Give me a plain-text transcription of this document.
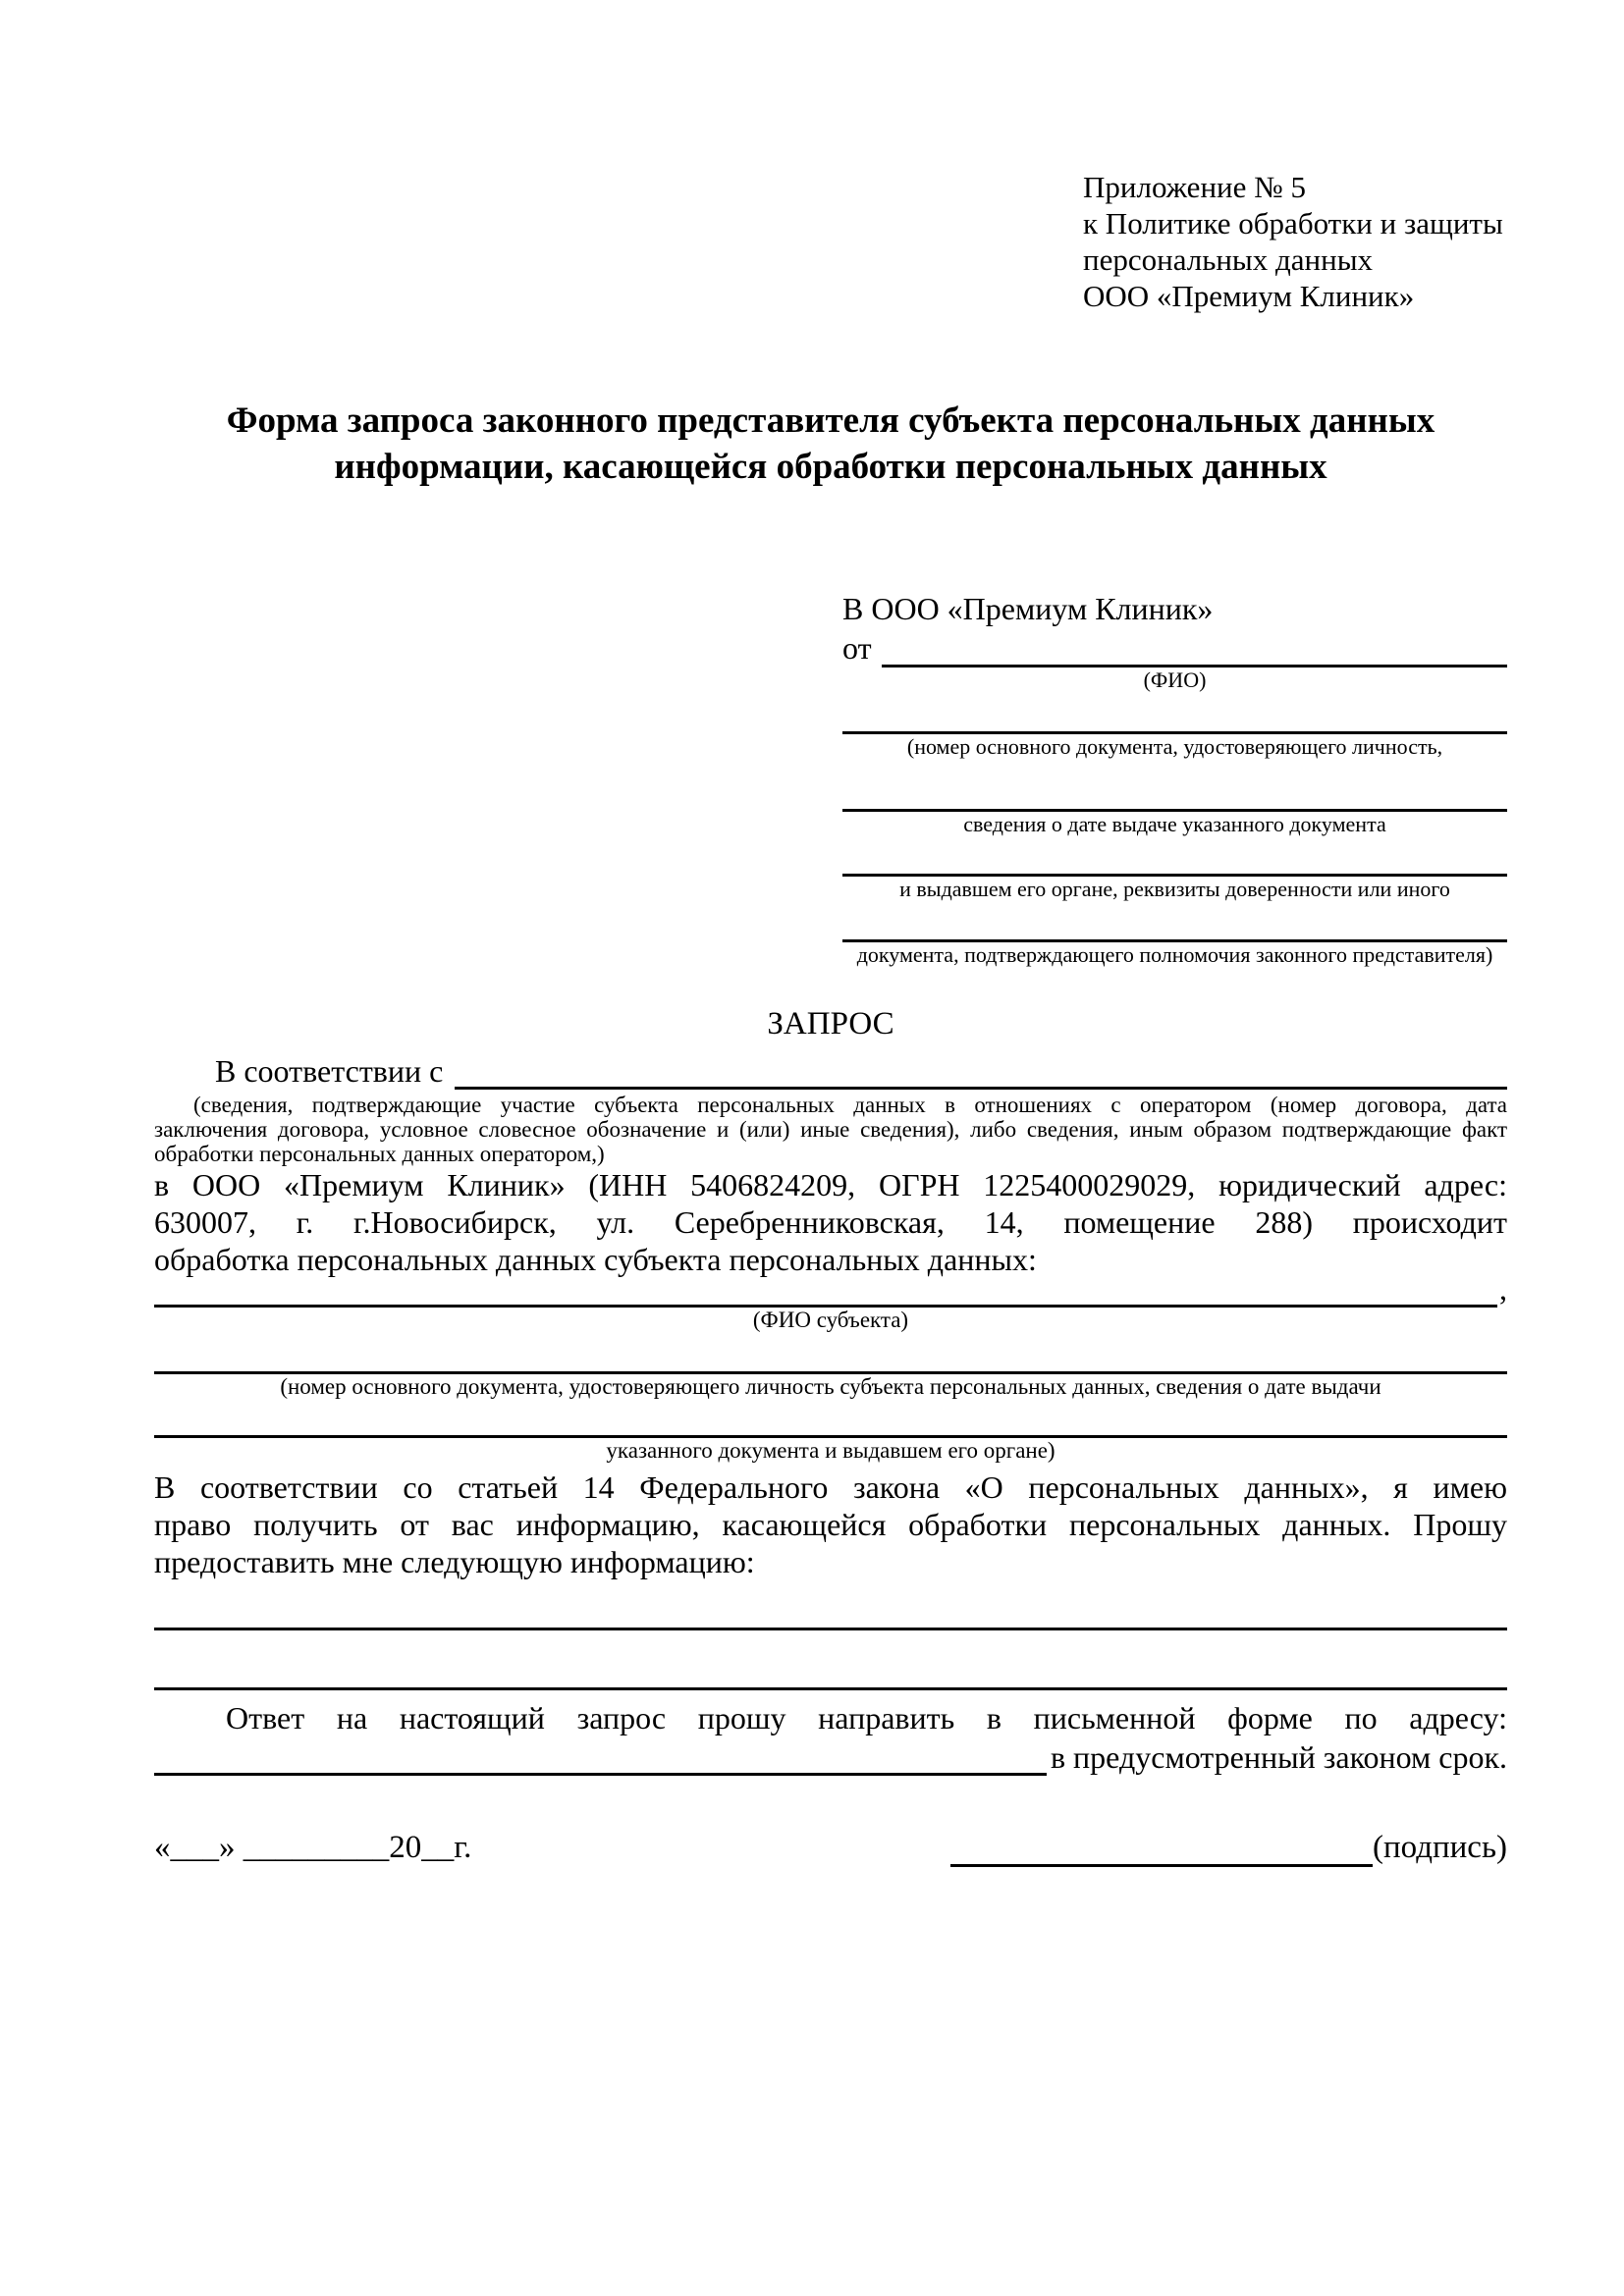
Приложение № 5
к Политике обработки и защиты
персональных данных
ООО «Премиум Клиник»
Форма запроса законного представителя субъекта персональных данных
информации, касающейся обработки персональных данных
В ООО «Премиум Клиник»
от
(ФИО)
(номер основного документа, удостоверяющего личность,
сведения о дате выдаче указанного документа
и выдавшем его органе, реквизиты доверенности или иного
документа, подтверждающего полномочия законного представителя)
ЗАПРОС
В соответствии с
(сведения, подтверждающие участие субъекта персональных данных в отношениях с оператором (номер договора, дата
заключения договора, условное словесное обозначение и (или) иные сведения), либо сведения, иным образом подтверждающие факт
обработки персональных данных оператором,)
в ООО «Премиум Клиник» (ИНН 5406824209, ОГРН 1225400029029, юридический адрес:
630007, г. г.Новосибирск, ул. Серебренниковская, 14, помещение 288) происходит
обработка персональных данных субъекта персональных данных:
,
(ФИО субъекта)
(номер основного документа, удостоверяющего личность субъекта персональных данных, сведения о дате выдачи
указанного документа и выдавшем его органе)
В соответствии со статьей 14 Федерального закона «О персональных данных», я имею
право получить от вас информацию, касающейся обработки персональных данных. Прошу
предоставить мне следующую информацию:
Ответ на настоящий запрос прошу направить в письменной форме по адресу:
в предусмотренный законом срок.
«___» _________20__г.	(подпись)
